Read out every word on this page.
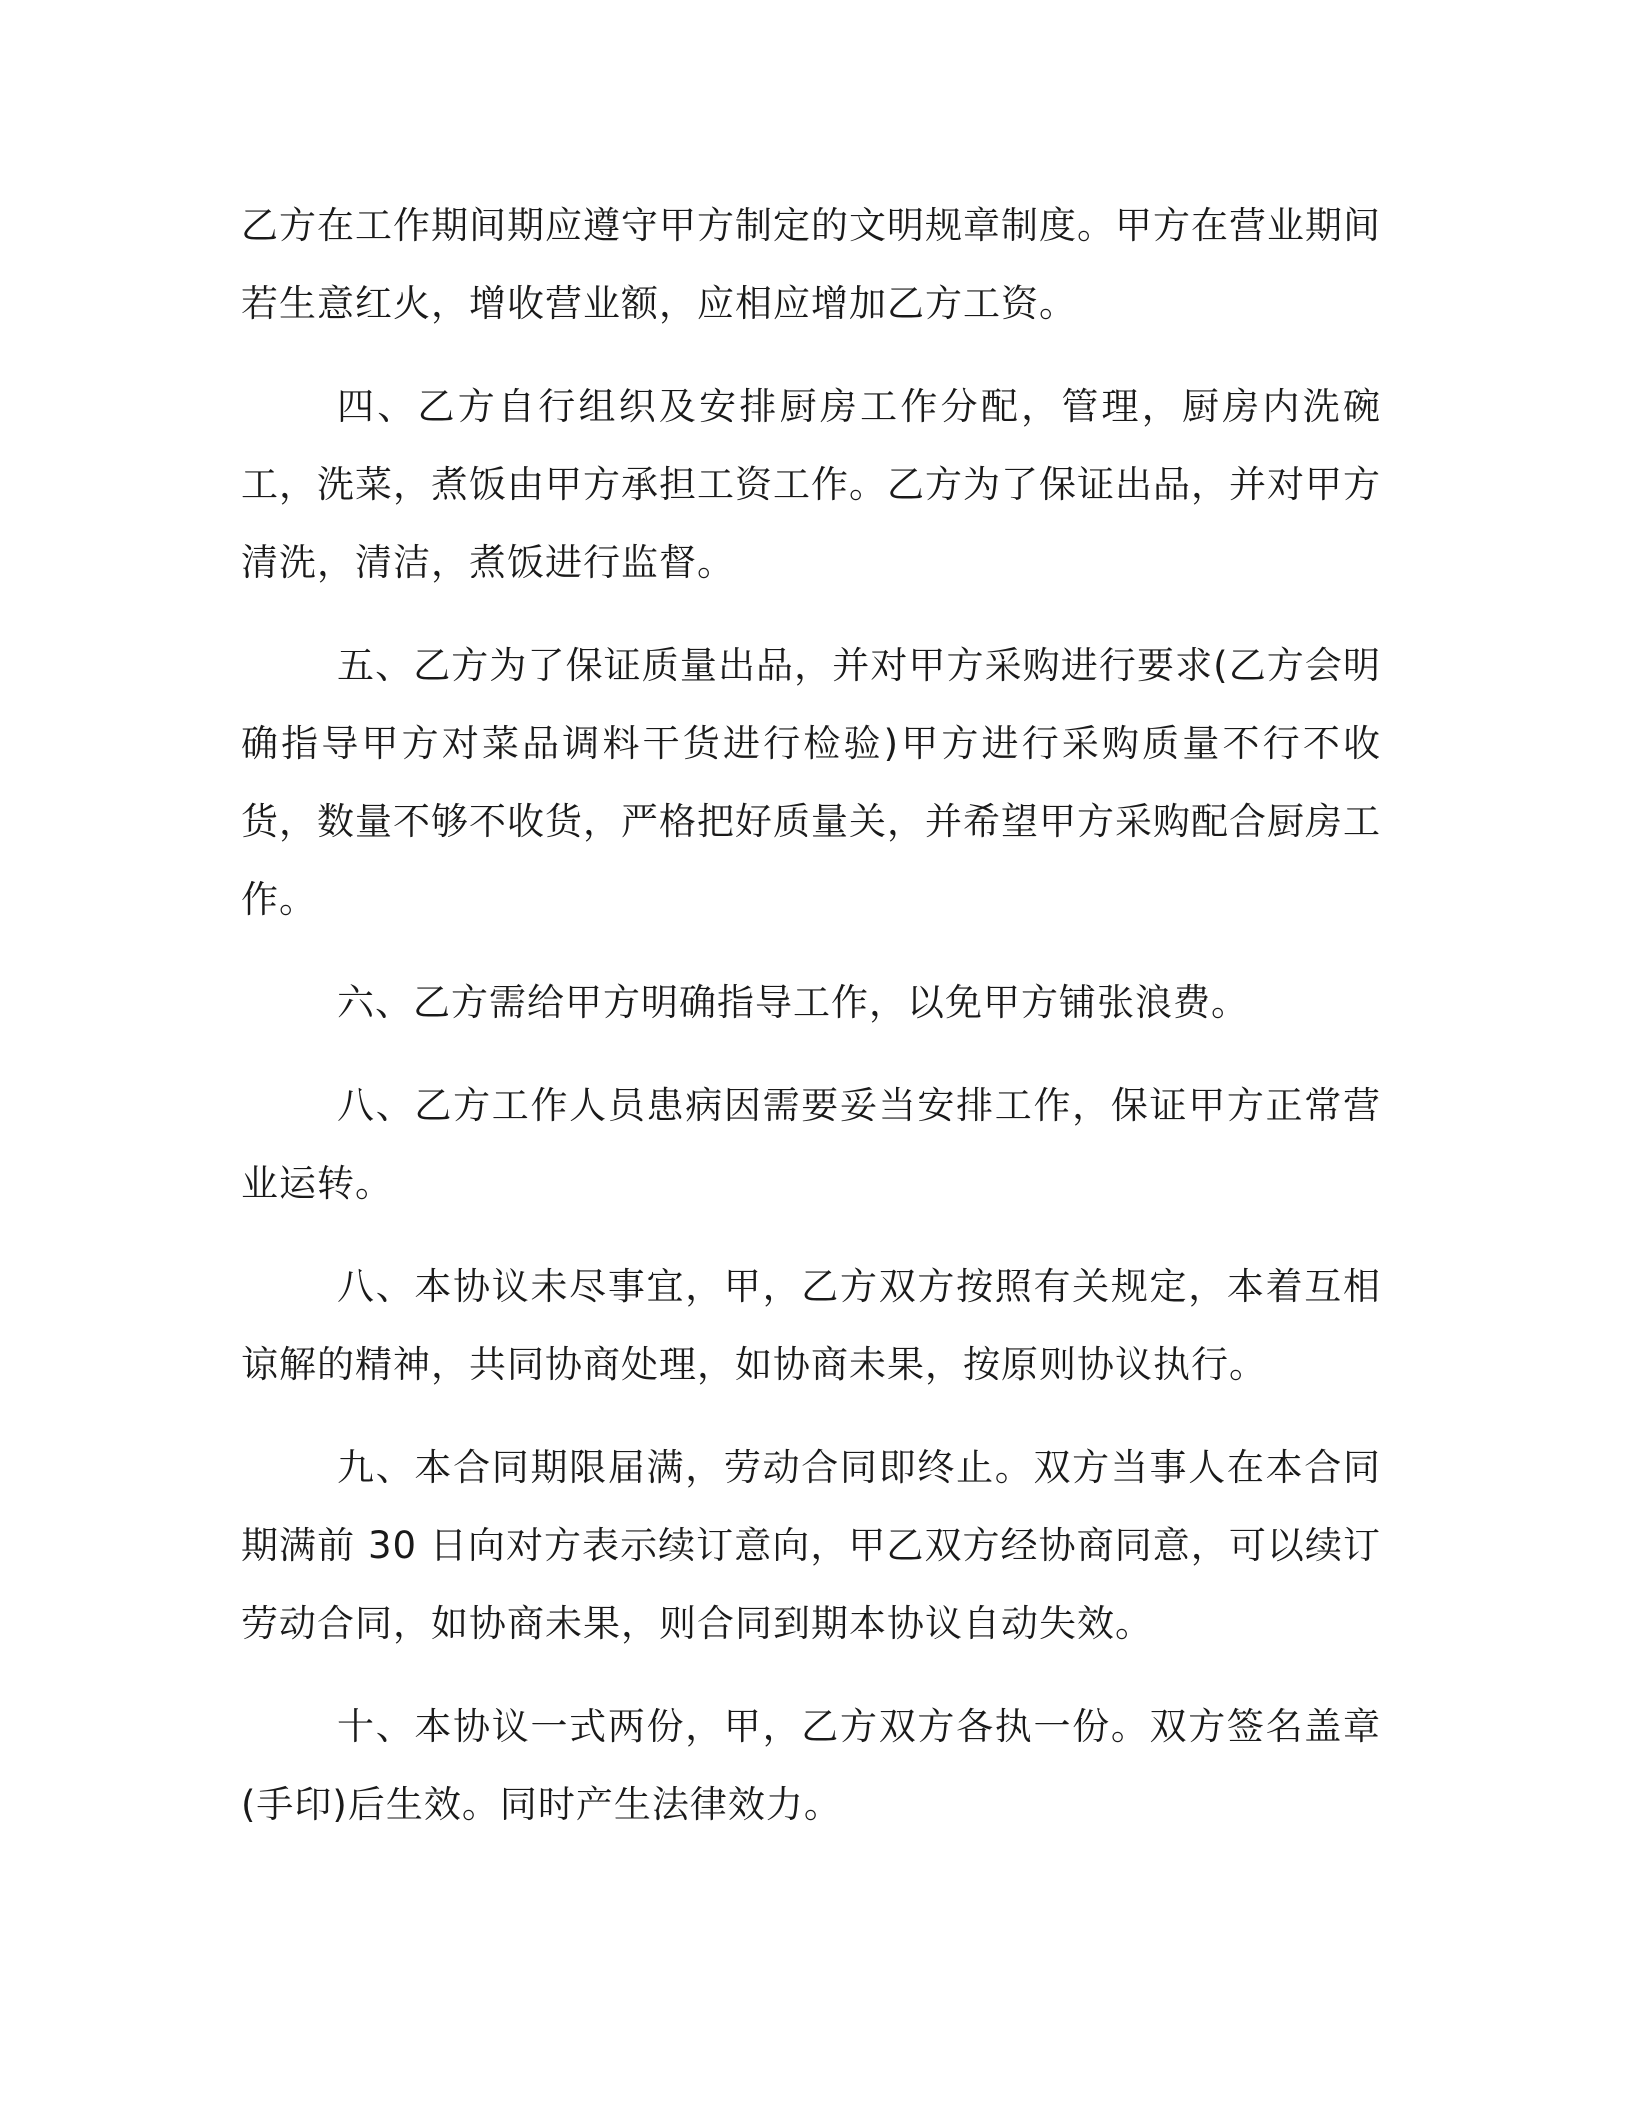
乙方在工作期间期应遵守甲方制定的文明规章制度。甲方在营业期间若生意红火，增收营业额，应相应增加乙方工资。

四、乙方自行组织及安排厨房工作分配，管理，厨房内洗碗工，洗菜，煮饭由甲方承担工资工作。乙方为了保证出品，并对甲方清洗，清洁，煮饭进行监督。

五、乙方为了保证质量出品，并对甲方采购进行要求(乙方会明确指导甲方对菜品调料干货进行检验)甲方进行采购质量不行不收货，数量不够不收货，严格把好质量关，并希望甲方采购配合厨房工作。

六、乙方需给甲方明确指导工作，以免甲方铺张浪费。

八、乙方工作人员患病因需要妥当安排工作，保证甲方正常营业运转。

八、本协议未尽事宜，甲，乙方双方按照有关规定，本着互相谅解的精神，共同协商处理，如协商未果，按原则协议执行。

九、本合同期限届满，劳动合同即终止。双方当事人在本合同期满前 30 日向对方表示续订意向，甲乙双方经协商同意，可以续订劳动合同，如协商未果，则合同到期本协议自动失效。

十、本协议一式两份，甲，乙方双方各执一份。双方签名盖章(手印)后生效。同时产生法律效力。
